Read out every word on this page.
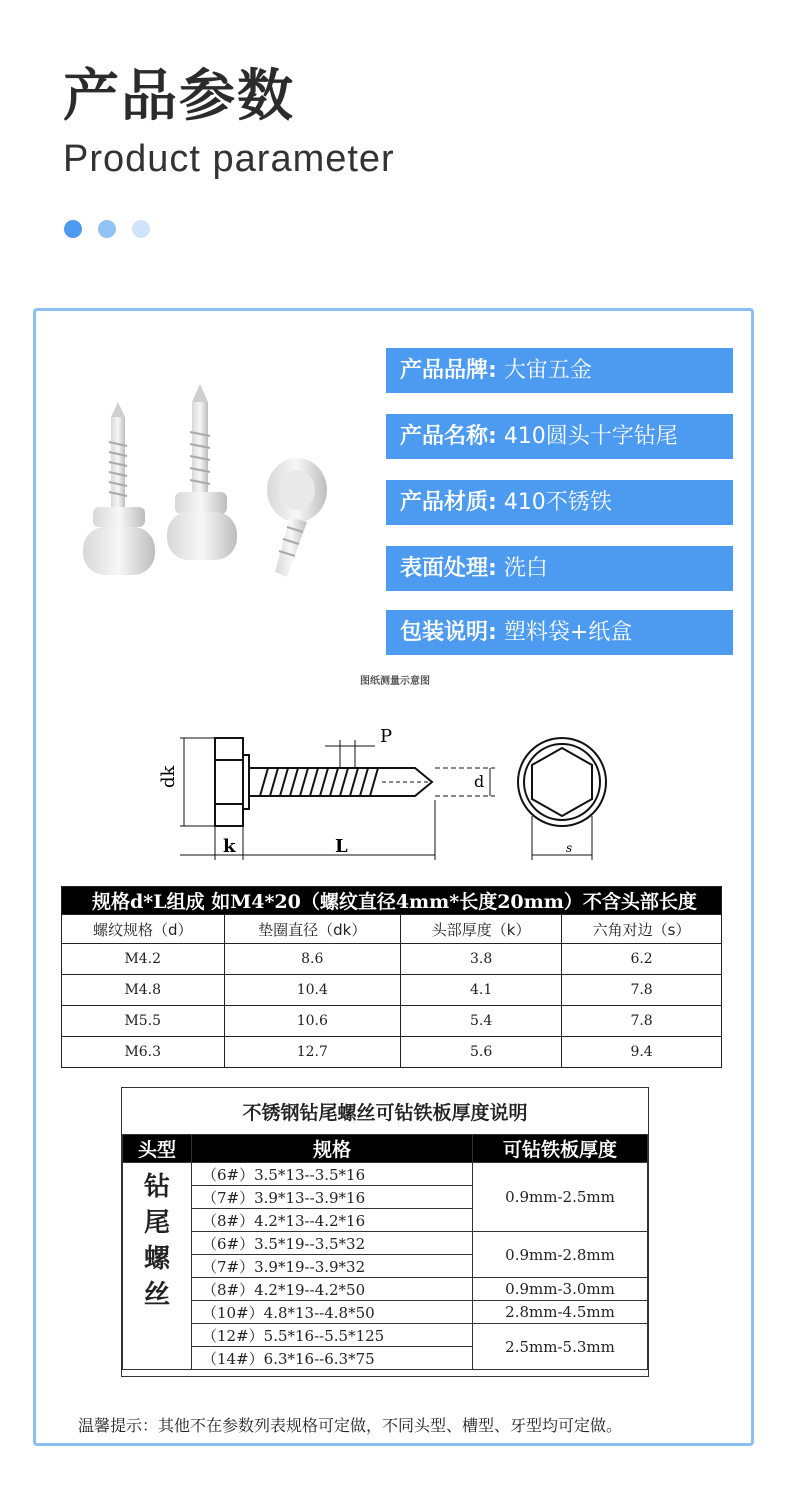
产品参数
Product parameter
产品品牌: 大宙五金
产品名称: 410圆头十字钻尾
产品材质: 410不锈铁
表面处理: 洗白
包装说明: 塑料袋+纸盒
图纸测量示意图
dk
k	L
P
d
s
规格d*L组成 如M4*20（螺纹直径4mm*长度20mm）不含头部长度			
螺纹规格（d）	垫圈直径（dk）	头部厚度（k）	六角对边（s）
M4.2	8.6	3.8	6.2
M4.8	10.4	4.1	7.8
M5.5	10.6	5.4	7.8
M6.3	12.7	5.6	9.4
不锈钢钻尾螺丝可钻铁板厚度说明
头型	规格	可钻铁板厚度

钻尾螺丝	（6#）3.5*13--3.5*16	0.9mm-2.5mm
	（7#）3.9*13--3.9*16	
	（8#）4.2*13--4.2*16	
	（6#）3.5*19--3.5*32	0.9mm-2.8mm
	（7#）3.9*19--3.9*32	
	（8#）4.2*19--4.2*50	0.9mm-3.0mm
	（10#）4.8*13--4.8*50	2.8mm-4.5mm
	（12#）5.5*16--5.5*125	2.5mm-5.3mm
	（14#）6.3*16--6.3*75	
温馨提示：其他不在参数列表规格可定做，不同头型、槽型、牙型均可定做。
